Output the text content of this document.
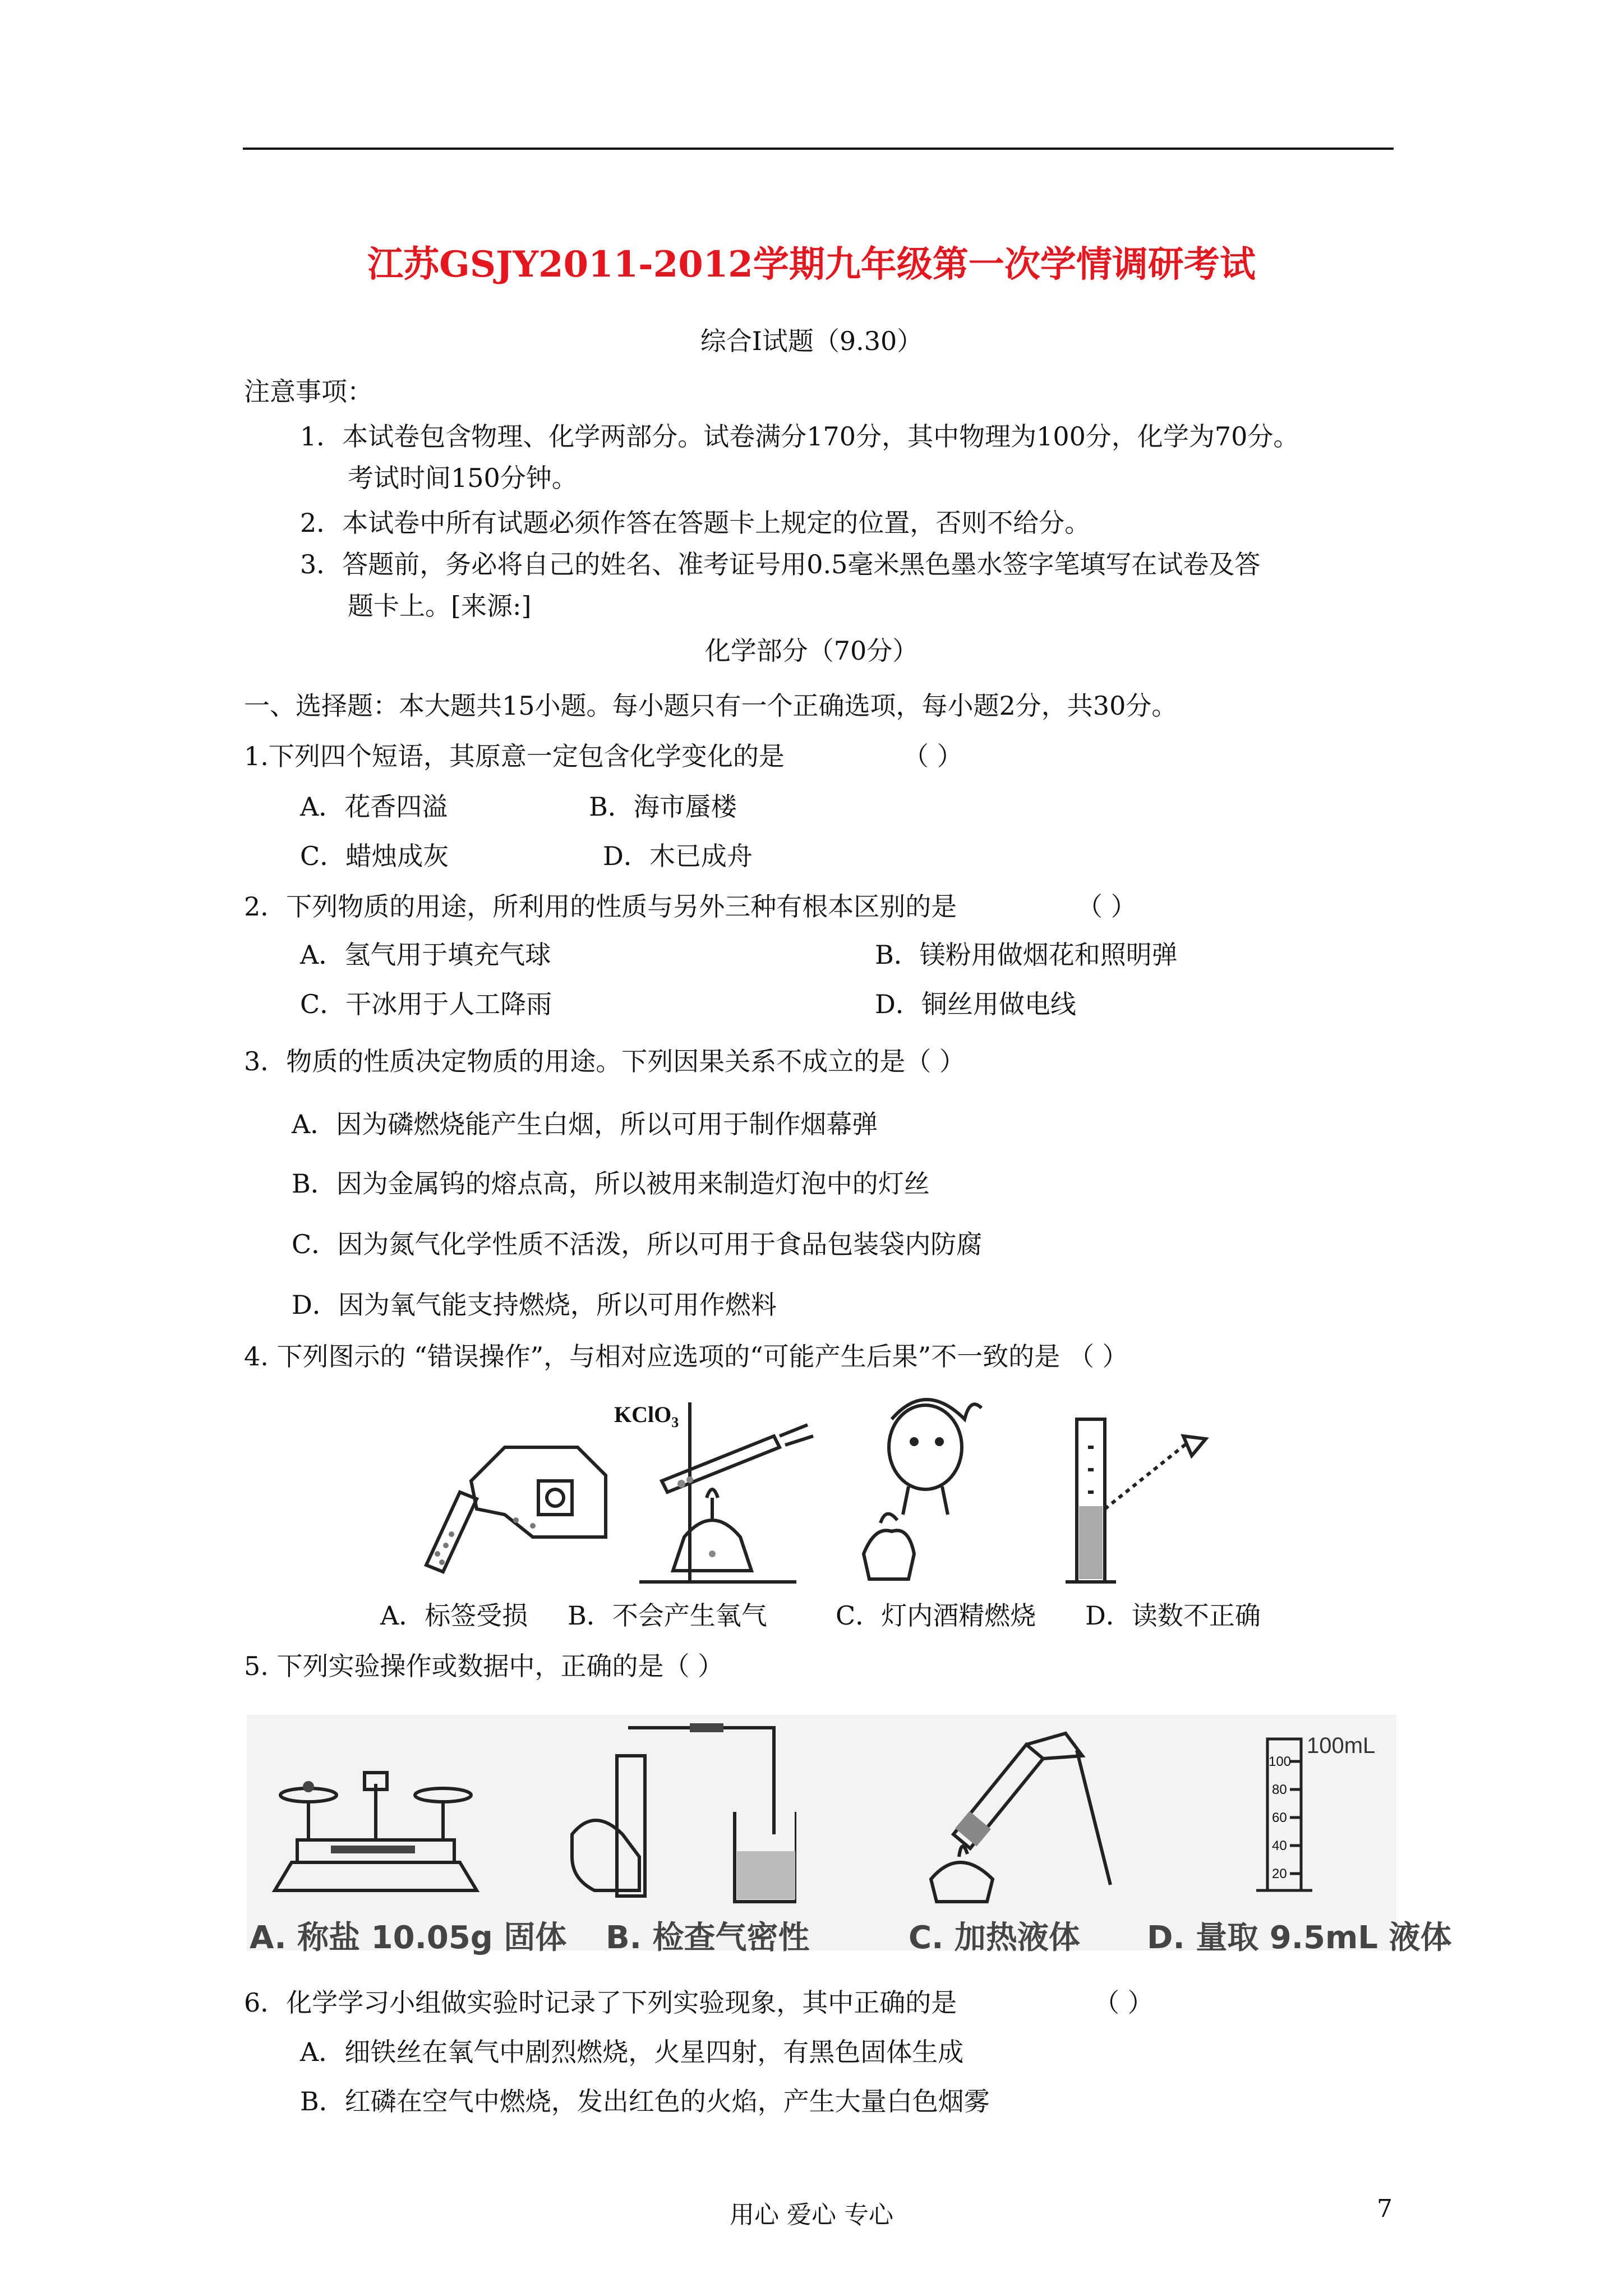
江苏GSJY2011-2012学期九年级第一次学情调研考试
综合Ⅰ试题（9.30）
注意事项：
1．本试卷包含物理、化学两部分。试卷满分170分，其中物理为100分，化学为70分。
考试时间150分钟。
2．本试卷中所有试题必须作答在答题卡上规定的位置，否则不给分。
3．答题前，务必将自己的姓名、准考证号用0.5毫米黑色墨水签字笔填写在试卷及答
题卡上。[来源:]
化学部分（70分）
一、选择题：本大题共15小题。每小题只有一个正确选项，每小题2分，共30分。
1.下列四个短语，其原意一定包含化学变化的是	（ ）
A．花香四溢	B．海市蜃楼
C．蜡烛成灰	D．木已成舟
2．下列物质的用途，所利用的性质与另外三种有根本区别的是	（ ）
A．氢气用于填充气球	B．镁粉用做烟花和照明弹
C．干冰用于人工降雨	D．铜丝用做电线
3．物质的性质决定物质的用途。下列因果关系不成立的是（ ）
A．因为磷燃烧能产生白烟，所以可用于制作烟幕弹
B．因为金属钨的熔点高，所以被用来制造灯泡中的灯丝
C．因为氮气化学性质不活泼，所以可用于食品包装袋内防腐
D．因为氧气能支持燃烧，所以可用作燃料
4. 下列图示的 “错误操作”，与相对应选项的“可能产生后果”不一致的是 （ ）
KClO$_3$
A．标签受损 B．不会产生氧气	C．灯内酒精燃烧 D．读数不正确
5. 下列实验操作或数据中，正确的是（ ）
100mL
100
80
60
40
20
A. 称盐 10.05g 固体 B. 检查气密性	C. 加热液体 D. 量取 9.5mL 液体
6．化学学习小组做实验时记录了下列实验现象，其中正确的是	（ ）
A．细铁丝在氧气中剧烈燃烧，火星四射，有黑色固体生成
B．红磷在空气中燃烧，发出红色的火焰，产生大量白色烟雾
用心 爱心 专心	7
